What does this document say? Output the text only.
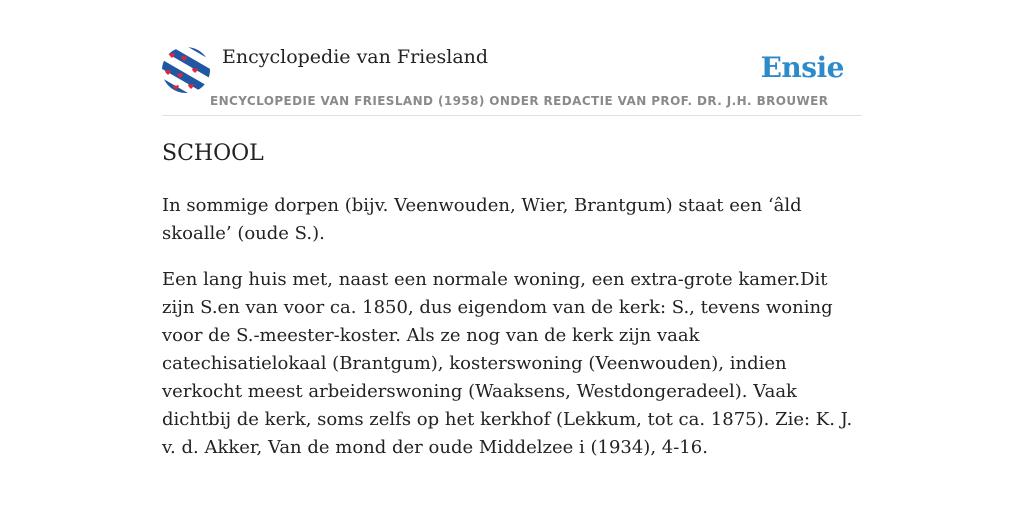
Encyclopedie van Friesland	Ensie
ENCYCLOPEDIE VAN FRIESLAND (1958) ONDER REDACTIE VAN PROF. DR. J.H. BROUWER
SCHOOL

In sommige dorpen (bijv. Veenwouden, Wier, Brantgum) staat een ‘âld skoalle’ (oude S.).

Een lang huis met, naast een normale woning, een extra-grote kamer.Dit zijn S.en van voor ca. 1850, dus eigendom van de kerk: S., tevens woning voor de S.-meester-koster. Als ze nog van de kerk zijn vaak catechisatielokaal (Brantgum), kosterswoning (Veenwouden), indien verkocht meest arbeiderswoning (Waaksens, Westdongeradeel). Vaak dichtbij de kerk, soms zelfs op het kerkhof (Lekkum, tot ca. 1875). Zie: K. J. v. d. Akker, Van de mond der oude Middelzee i (1934), 4-16.
